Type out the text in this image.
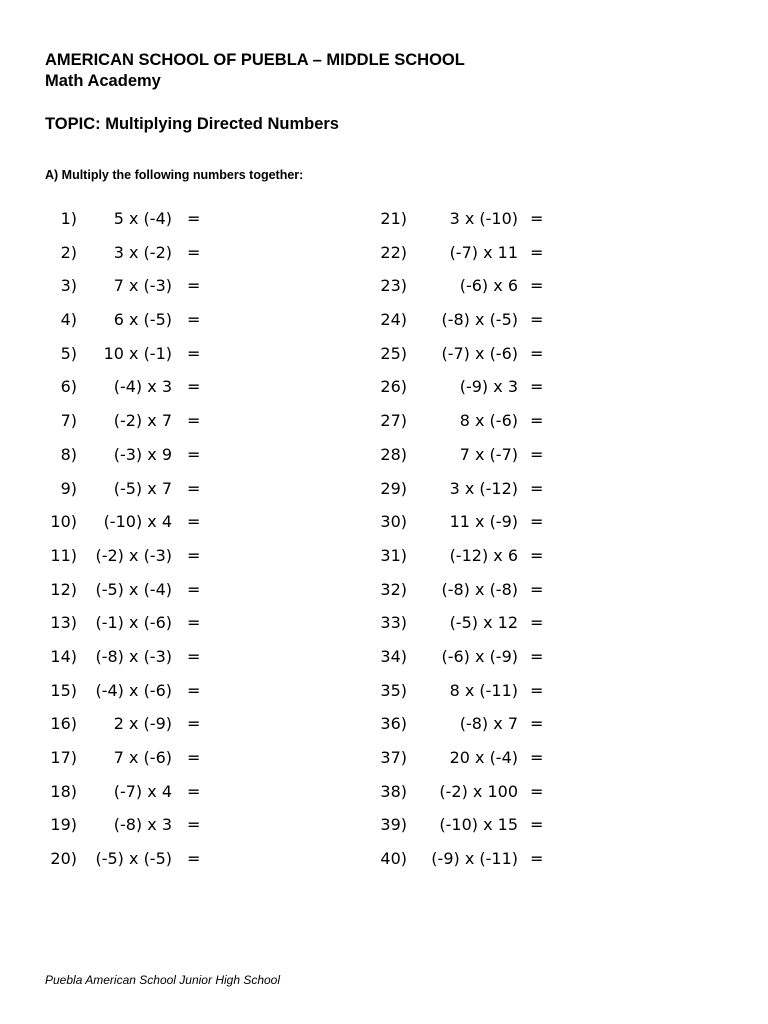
AMERICAN SCHOOL OF PUEBLA – MIDDLE SCHOOL
Math Academy
TOPIC: Multiplying Directed Numbers
A) Multiply the following numbers together:
1)	5 x (-4) =
2)	3 x (-2) =
3)	7 x (-3) =
4)	6 x (-5) =
5)	10 x (-1) =
6)	(-4) x 3 =
7)	(-2) x 7 =
8)	(-3) x 9 =
9)	(-5) x 7 =
10)	(-10) x 4 =
11)	(-2) x (-3) =
12)	(-5) x (-4) =
13)	(-1) x (-6) =
14)	(-8) x (-3) =
15)	(-4) x (-6) =
16)	2 x (-9) =
17)	7 x (-6) =
18)	(-7) x 4 =
19)	(-8) x 3 =
20)	(-5) x (-5) =
21)	3 x (-10) =
22)	(-7) x 11 =
23)	(-6) x 6 =
24)	(-8) x (-5) =
25)	(-7) x (-6) =
26)	(-9) x 3 =
27)	8 x (-6) =
28)	7 x (-7) =
29)	3 x (-12) =
30)	11 x (-9) =
31)	(-12) x 6 =
32)	(-8) x (-8) =
33)	(-5) x 12 =
34)	(-6) x (-9) =
35)	8 x (-11) =
36)	(-8) x 7 =
37)	20 x (-4) =
38)	(-2) x 100 =
39)	(-10) x 15 =
40)	(-9) x (-11) =
Puebla American School Junior High School
